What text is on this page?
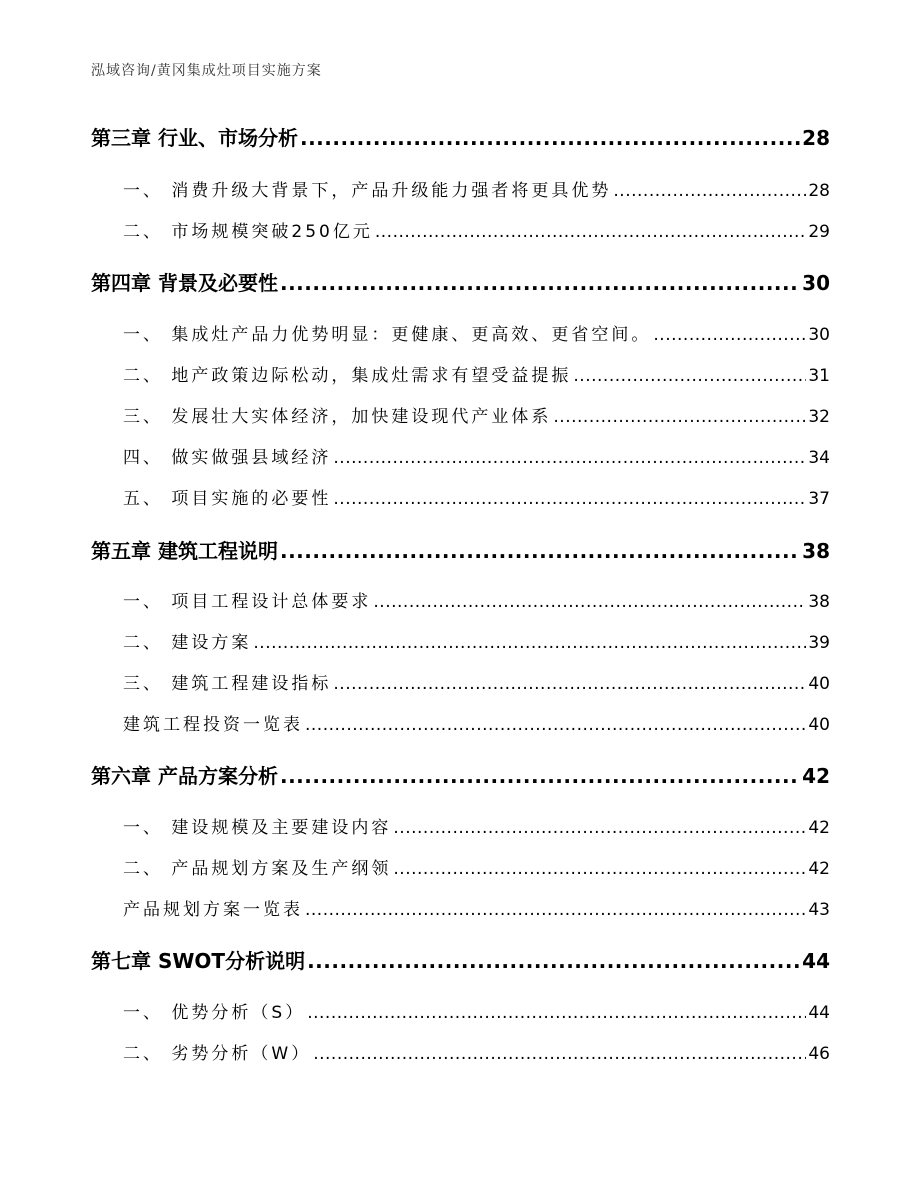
泓域咨询/黄冈集成灶项目实施方案
第三章 行业、市场分析 .....	28
一、 消费升级大背景下，产品升级能力强者将更具优势 .....	28
二、 市场规模突破250亿元 .....	29
第四章 背景及必要性 .....	30
一、 集成灶产品力优势明显：更健康、更高效、更省空间。 .....	30
二、 地产政策边际松动，集成灶需求有望受益提振 .....	31
三、 发展壮大实体经济，加快建设现代产业体系 .....	32
四、 做实做强县域经济 .....	34
五、 项目实施的必要性 .....	37
第五章 建筑工程说明 .....	38
一、 项目工程设计总体要求 .....	38
二、 建设方案 .....	39
三、 建筑工程建设指标 .....	40
建筑工程投资一览表 .....	40
第六章 产品方案分析 .....	42
一、 建设规模及主要建设内容 .....	42
二、 产品规划方案及生产纲领 .....	42
产品规划方案一览表 .....	43
第七章 SWOT分析说明 .....	44
一、 优势分析（S） .....	44
二、 劣势分析（W） .....	46
